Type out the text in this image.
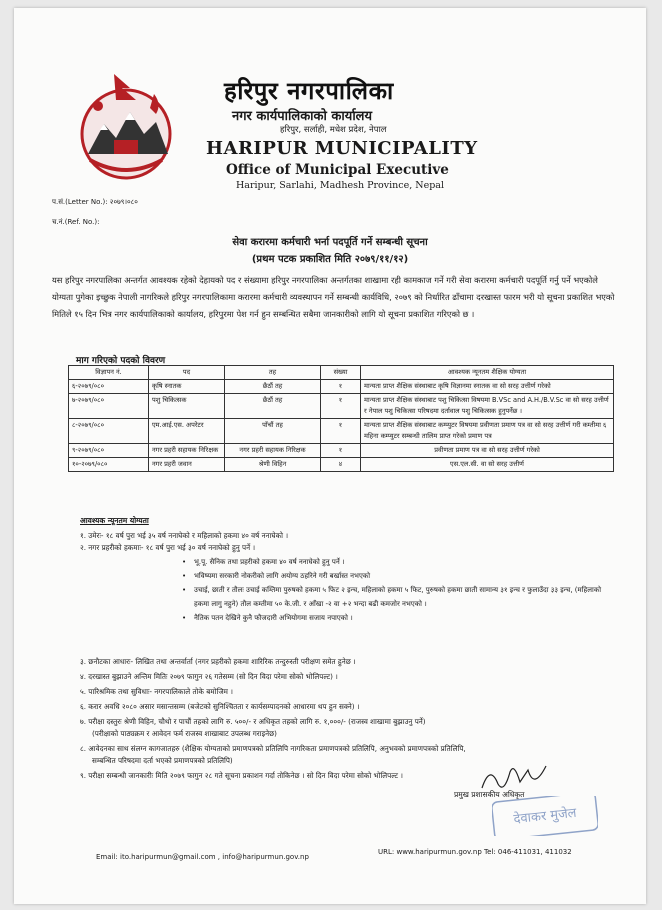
हरिपुर नगरपालिका
नगर कार्यपालिकाको कार्यालय
हरिपुर, सर्लाही, मधेश प्रदेश, नेपाल
HARIPUR MUNICIPALITY
Office of Municipal Executive
Haripur, Sarlahi, Madhesh Province, Nepal
प.सं.(Letter No.): २०७९।०८०
च.नं.(Ref. No.):
सेवा करारमा कर्मचारी भर्ना पदपूर्ति गर्ने सम्बन्धी सूचना
(प्रथम पटक प्रकाशित मिति २०७९/११/१२)
यस हरिपुर नगरपालिका अन्तर्गत आवश्यक रहेको देहायको पद र संख्यामा हरिपुर नगरपालिका अन्तर्गतका शाखामा रही कामकाज गर्ने गरी सेवा करारमा कर्मचारी पदपूर्ति गर्नु पर्ने भएकोले योग्यता पुगेका इच्छुक नेपाली नागरिकले हरिपुर नगरपालिकामा करारमा कर्मचारी व्यवस्थापन गर्ने सम्बन्धी कार्यविधि, २०७९ को निर्धारित ढाँचामा दरखास्त फारम भरी यो सूचना प्रकाशित भएको मितिले १५ दिन भित्र नगर कार्यपालिकाको कार्यालय, हरिपुरमा पेश गर्न हुन सम्बन्धित सबैमा जानकारीको लागि यो सूचना प्रकाशित गरिएको छ ।
माग गरिएको पदको विवरण
विज्ञापन नं.	पद	तह	संख्या	आवश्यक न्यूनतम शैक्षिक योग्यता
६-२०७९/०८०	कृषि स्नातक	छैठौं तह	१	मान्यता प्राप्त शैक्षिक संस्थाबाट कृषि विज्ञानमा स्नातक वा सो सरह उत्तीर्ण गरेको
७-२०७९/०८०	पशु चिकित्सक	छैठौं तह	१	मान्यता प्राप्त शैक्षिक संस्थाबाट पशु चिकित्सा विषयमा B.VSc and A.H./B.V.Sc वा सो सरह उत्तीर्ण र नेपाल पशु चिकित्सा परिषदमा दर्तावाल पशु चिकित्सक हुनुपर्नेछ ।
८-२०७९/०८०	एम.आई.एस. अपरेटर	पाँचौं तह	१	मान्यता प्राप्त शैक्षिक संस्थाबाट कम्प्युटर विषयमा प्रवीणता प्रमाण पत्र वा सो सरह उत्तीर्ण गरी कम्तीमा ६ महिना कम्प्युटर सम्बन्धी तालिम प्राप्त गरेको प्रमाण पत्र
९-२०७९/०८०	नगर प्रहरी सहायक निरिक्षक	नगर प्रहरी सहायक निरिक्षक	१	प्रवीणता प्रमाण पत्र वा सो सरह उत्तीर्ण गरेको
१०-२०७९/०८०	नगर प्रहरी जवान	श्रेणी विहिन	४	एस.एल.सी. वा सो सरह उत्तीर्ण
आवश्यक न्यूनतम योग्यता
१. उमेरः- १८ वर्ष पुरा भई ३५ वर्ष ननाघेको र महिलाको हकमा ४० वर्ष ननाघेको ।
२. नगर प्रहरीको हकमाः- १८ वर्ष पुरा भई ३० वर्ष ननाघेको हुनु पर्ने ।
• भू.पू. सैनिक तथा प्रहरीको हकमा ४० वर्ष ननाघेको हुनु पर्ने ।
• भविष्यमा सरकारी नोकरीको लागि अयोग्य ठहरिने गरी बर्खास्त नभएको
• उचाई, छाती र तौलः उचाई कम्तिमा पुरुषको हकमा ५ फिट २ इन्च, महिलाको हकमा ५ फिट, पुरुषको हकमा छाती सामान्य ३१ इन्च र फुलाउँदा ३३ इन्च, (महिलाको हकमा लागु नहुने) तौल कम्तीमा ५० के.जी. र आँखा -२ वा +२ भन्दा बढी कमजोर नभएको ।
• नैतिक पतन देखिने कुनै फौजदारी अभियोगमा सजाय नपाएको ।
३. छनौटका आधारः- लिखित तथा अन्तर्वार्ता (नगर प्रहरीको हकमा शारिरिक तन्दुरुस्ती परीक्षण समेत हुनेछ ।
४. दरखास्त बुझाउने अन्तिम मितिः २०७९ फागुन २६ गतेसम्म (सो दिन विदा परेमा सोको भोलिपल्ट) ।
५. पारिश्रमिक तथा सुविधाः- नगरपालिकाले तोके बमोजिम ।
६. करार अवधि २०८० असार मसान्तसम्म (बजेटको सुनिश्चितता र कार्यसम्पादनको आधारमा थप हुन सक्ने) ।
७. परीक्षा दस्तुरः श्रेणी विहिन, चौथो र पाचौं तहको लागि रु. ५००/- र अधिकृत तहको लागि रु. १,०००/- (राजस्व शाखामा बुझाउनु पर्ने)
(परीक्षाको पाठ्यक्रम र आवेदन फर्म राजस्व शाखाबाट उपलब्ध गराइनेछ)
८. आवेदनका साथ संलग्न कागजातहरु (शैक्षिक योग्यताको प्रमाणपत्रको प्रतिलिपि नागरिकता प्रमाणपत्रको प्रतिलिपि, अनुभवको प्रमाणपत्रको प्रतिलिपि,
सम्बन्धित परिषदमा दर्ता भएको प्रमाणपत्रको प्रतिलिपि)
९. परीक्षा सम्बन्धी जानकारीः मिति २०७९ फागुन २८ गते सूचना प्रकाशन गर्दा तोकिनेछ । सो दिन विदा परेमा सोको भोलिपल्ट ।
देवाकर मुजेल
प्रमुख प्रशासकीय अधिकृत
Email: ito.haripurmun@gmail.com , info@haripurmun.gov.np
URL: www.haripurmun.gov.np Tel: 046-411031, 411032
